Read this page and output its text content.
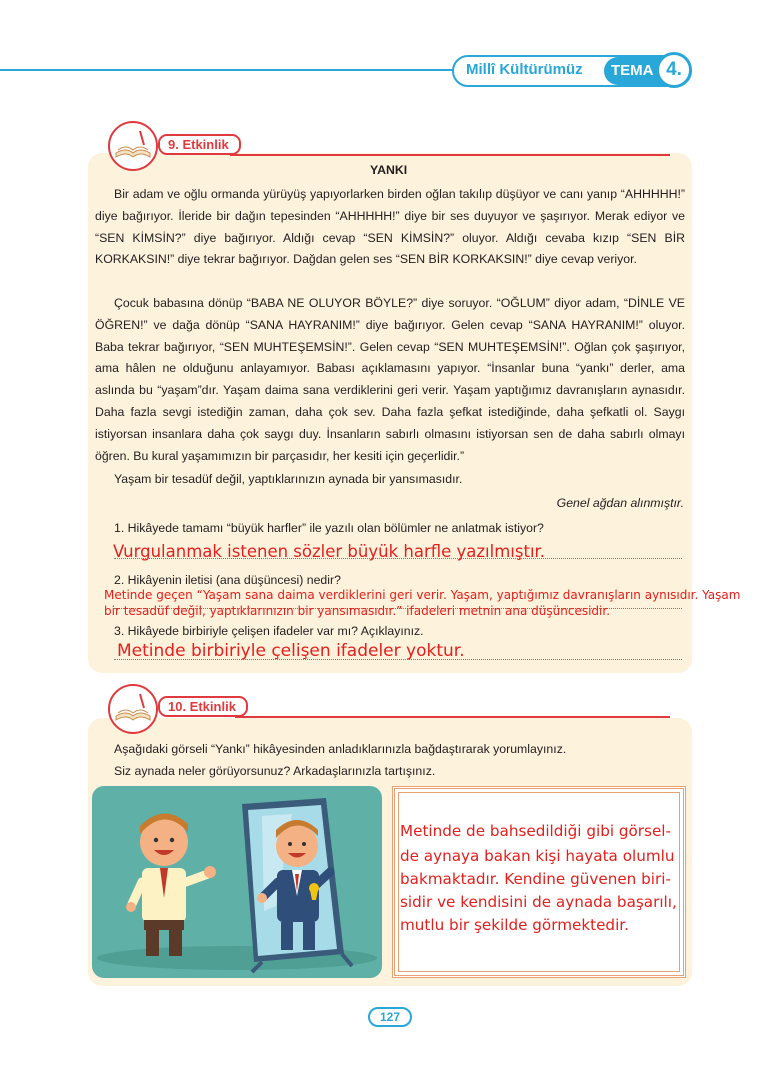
Millî Kültürümüz TEMA 4.
9. Etkinlik
YANKI
Bir adam ve oğlu ormanda yürüyüş yapıyorlarken birden oğlan takılıp düşüyor ve canı yanıp “AHHHHH!” diye bağırıyor. İleride bir dağın tepesinden “AHHHHH!” diye bir ses duyuyor ve şaşırıyor. Merak ediyor ve “SEN KİMSİN?” diye bağırıyor. Aldığı cevap “SEN KİMSİN?” oluyor. Aldığı cevaba kızıp “SEN BİR KORKAKSIN!” diye tekrar bağırıyor. Dağdan gelen ses “SEN BİR KORKAKSIN!” diye cevap veriyor.
Çocuk babasına dönüp “BABA NE OLUYOR BÖYLE?” diye soruyor. “OĞLUM” diyor adam, “DİNLE VE ÖĞREN!” ve dağa dönüp “SANA HAYRANIM!” diye bağırıyor. Gelen cevap “SANA HAYRANIM!” oluyor. Baba tekrar bağırıyor, “SEN MUHTEŞEMSİN!”. Gelen cevap “SEN MUHTEŞEMSİN!”. Oğlan çok şaşırıyor, ama hâlen ne olduğunu anlayamıyor. Babası açıklamasını yapıyor. “İnsanlar buna “yankı” derler, ama aslında bu “yaşam”dır. Yaşam daima sana verdiklerini geri verir. Yaşam yaptığımız davranışların aynasıdır. Daha fazla sevgi istediğin zaman, daha çok sev. Daha fazla şefkat istediğinde, daha şefkatli ol. Saygı istiyorsan insanlara daha çok saygı duy. İnsanların sabırlı olmasını istiyorsan sen de daha sabırlı olmayı öğren. Bu kural yaşamımızın bir parçasıdır, her kesiti için geçerlidir.”
Yaşam bir tesadüf değil, yaptıklarınızın aynada bir yansımasıdır.
Genel ağdan alınmıştır.
1. Hikâyede tamamı “büyük harfler” ile yazılı olan bölümler ne anlatmak istiyor?
Vurgulanmak istenen sözler büyük harfle yazılmıştır.
2. Hikâyenin iletisi (ana düşüncesi) nedir?
Metinde geçen “Yaşam sana daima verdiklerini geri verir. Yaşam, yaptığımız davranışların aynısıdır. Yaşam bir tesadüf değil, yaptıklarınızın bir yansımasıdır.” ifadeleri metnin ana düşüncesidir.
3. Hikâyede birbiriyle çelişen ifadeler var mı? Açıklayınız.
Metinde birbiriyle çelişen ifadeler yoktur.
10. Etkinlik
Aşağıdaki görseli “Yankı” hikâyesinden anladıklarınızla bağdaştırarak yorumlayınız.
Siz aynada neler görüyorsunuz? Arkadaşlarınızla tartışınız.
Metinde de bahsedildiği gibi görsel-
de aynaya bakan kişi hayata olumlu
bakmaktadır. Kendine güvenen biri-
sidir ve kendisini de aynada başarılı,
mutlu bir şekilde görmektedir.
127
